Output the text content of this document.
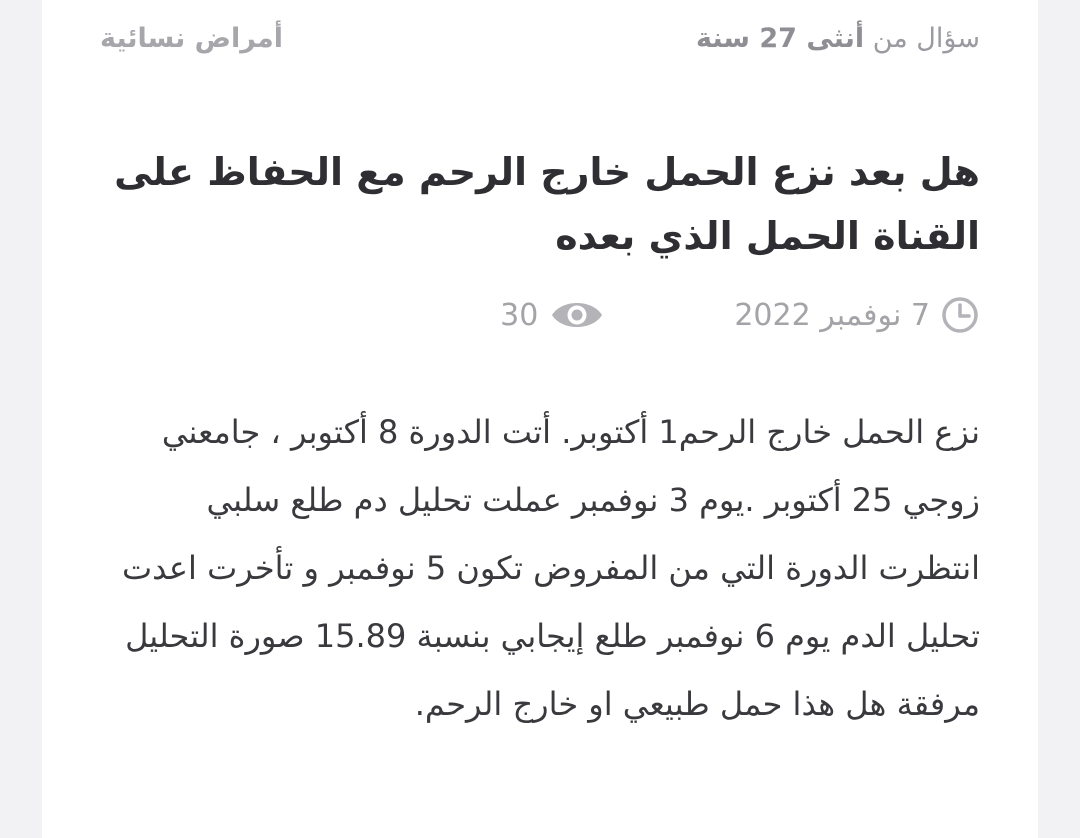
سؤال من أنثى 27 سنة
أمراض نسائية
هل بعد نزع الحمل خارج الرحم مع الحفاظ على القناة الحمل الذي بعده
7 نوفمبر 2022
30

نزع الحمل خارج الرحم1 أكتوبر. أتت الدورة 8 أكتوبر ، جامعني زوجي 25 أكتوبر .يوم 3 نوفمبر عملت تحليل دم طلع سلبي انتظرت الدورة التي من المفروض تكون 5 نوفمبر و تأخرت اعدت تحليل الدم يوم 6 نوفمبر طلع إيجابي بنسبة 15.89 صورة التحليل مرفقة هل هذا حمل طبيعي او خارج الرحم.
